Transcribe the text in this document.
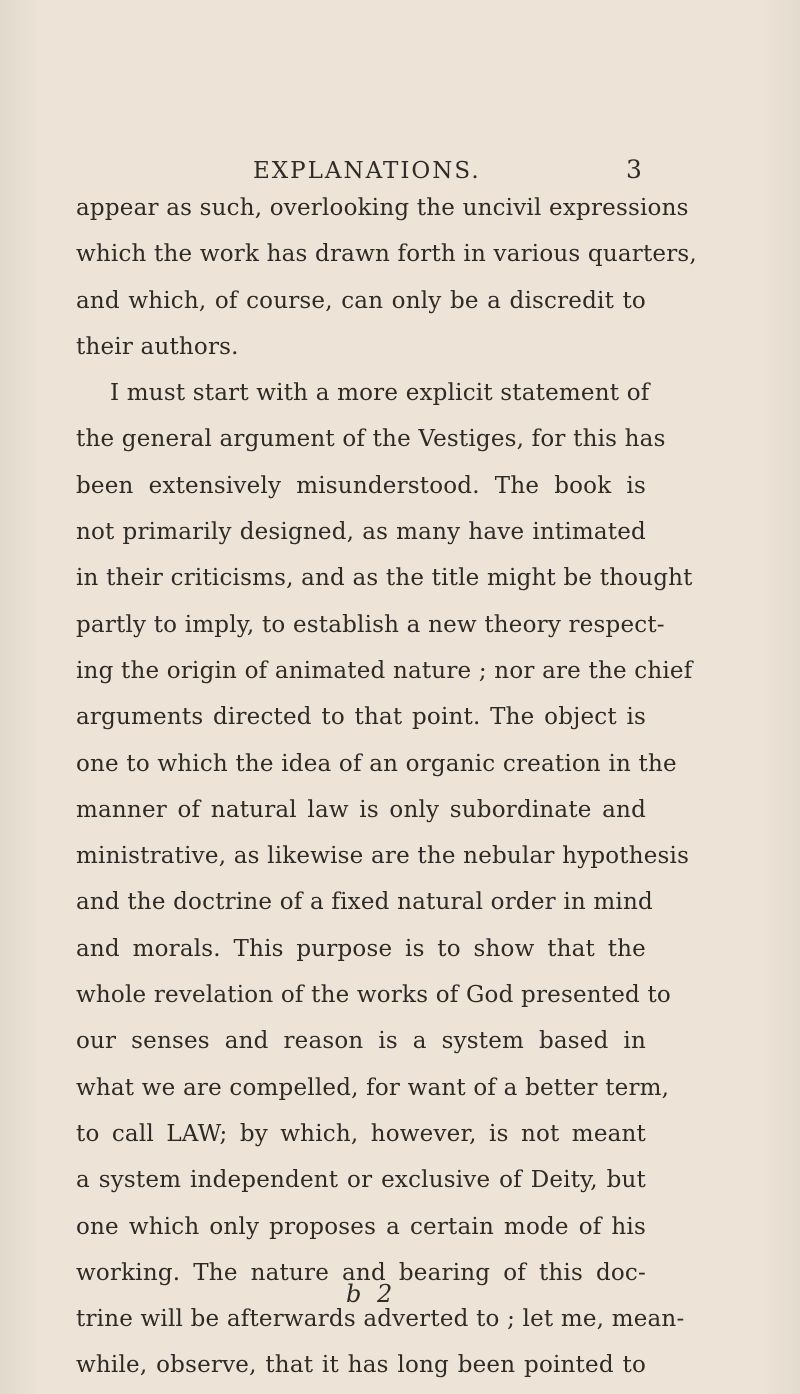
EXPLANATIONS.	3
appear as such, overlooking the uncivil expressions
which the work has drawn forth in various quarters,
and which, of course, can only be a discredit to
their authors.
I must start with a more explicit statement of
the general argument of the Vestiges, for this has
been extensively misunderstood. The book is
not primarily designed, as many have intimated
in their criticisms, and as the title might be thought
partly to imply, to establish a new theory respect-
ing the origin of animated nature ; nor are the chief
arguments directed to that point. The object is
one to which the idea of an organic creation in the
manner of natural law is only subordinate and
ministrative, as likewise are the nebular hypothesis
and the doctrine of a fixed natural order in mind
and morals. This purpose is to show that the
whole revelation of the works of God presented to
our senses and reason is a system based in
what we are compelled, for want of a better term,
to call LAW; by which, however, is not meant
a system independent or exclusive of Deity, but
one which only proposes a certain mode of his
working. The nature and bearing of this doc-
trine will be afterwards adverted to ; let me, mean-
while, observe, that it has long been pointed to
b 2
